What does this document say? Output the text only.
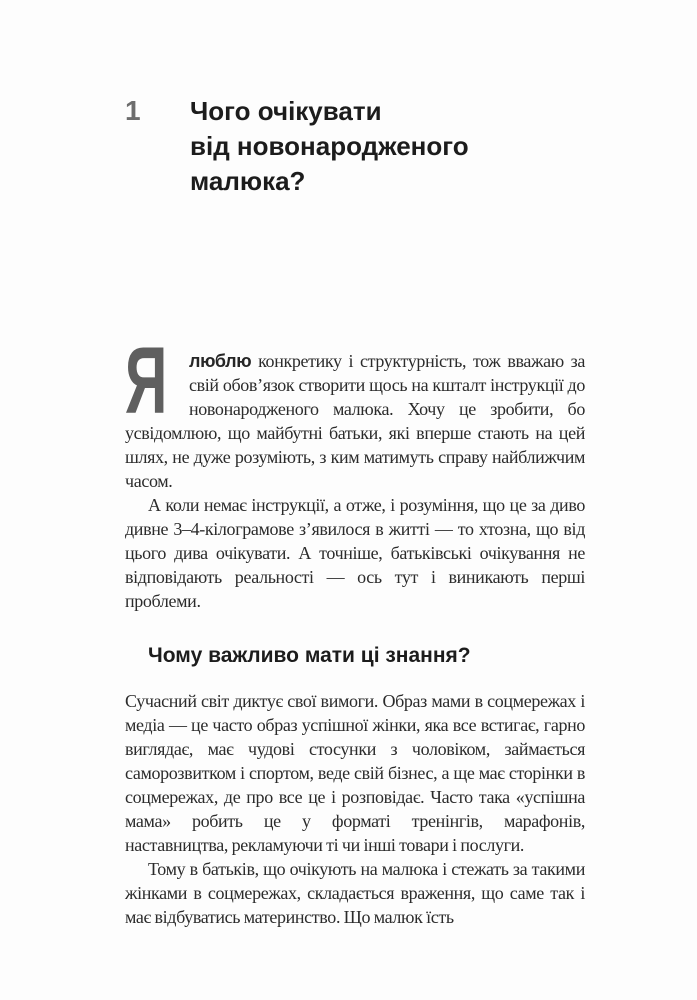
1	Чого очікувати
від новонародженого малюка?

Я люблю конкретику і структурність, тож вважаю за свій обов’язок створити щось на кшталт інструкції до новонародженого малюка. Хочу це зробити, бо усвідомлюю, що майбутні батьки, які вперше стають на цей шлях, не дуже розуміють, з ким матимуть справу найближчим часом.

А коли немає інструкції, а отже, і розуміння, що це за диво дивне 3–4-кілограмове з’явилося в житті — то хтозна, що від цього дива очікувати. А точніше, батьківські очікування не відповідають реальності — ось тут і виникають перші проблеми.

Чому важливо мати ці знання?

Сучасний світ диктує свої вимоги. Образ мами в соцмережах і медіа — це часто образ успішної жінки, яка все встигає, гарно виглядає, має чудові стосунки з чоловіком, займається саморозвитком і спортом, веде свій бізнес, а ще має сторінки в соцмережах, де про все це і розповідає. Часто така «успішна мама» робить це у форматі тренінгів, марафонів, наставництва, рекламуючи ті чи інші товари і послуги.

Тому в батьків, що очікують на малюка і стежать за такими жінками в соцмережах, складається враження, що саме так і має відбуватись материнство. Що малюк їсть
